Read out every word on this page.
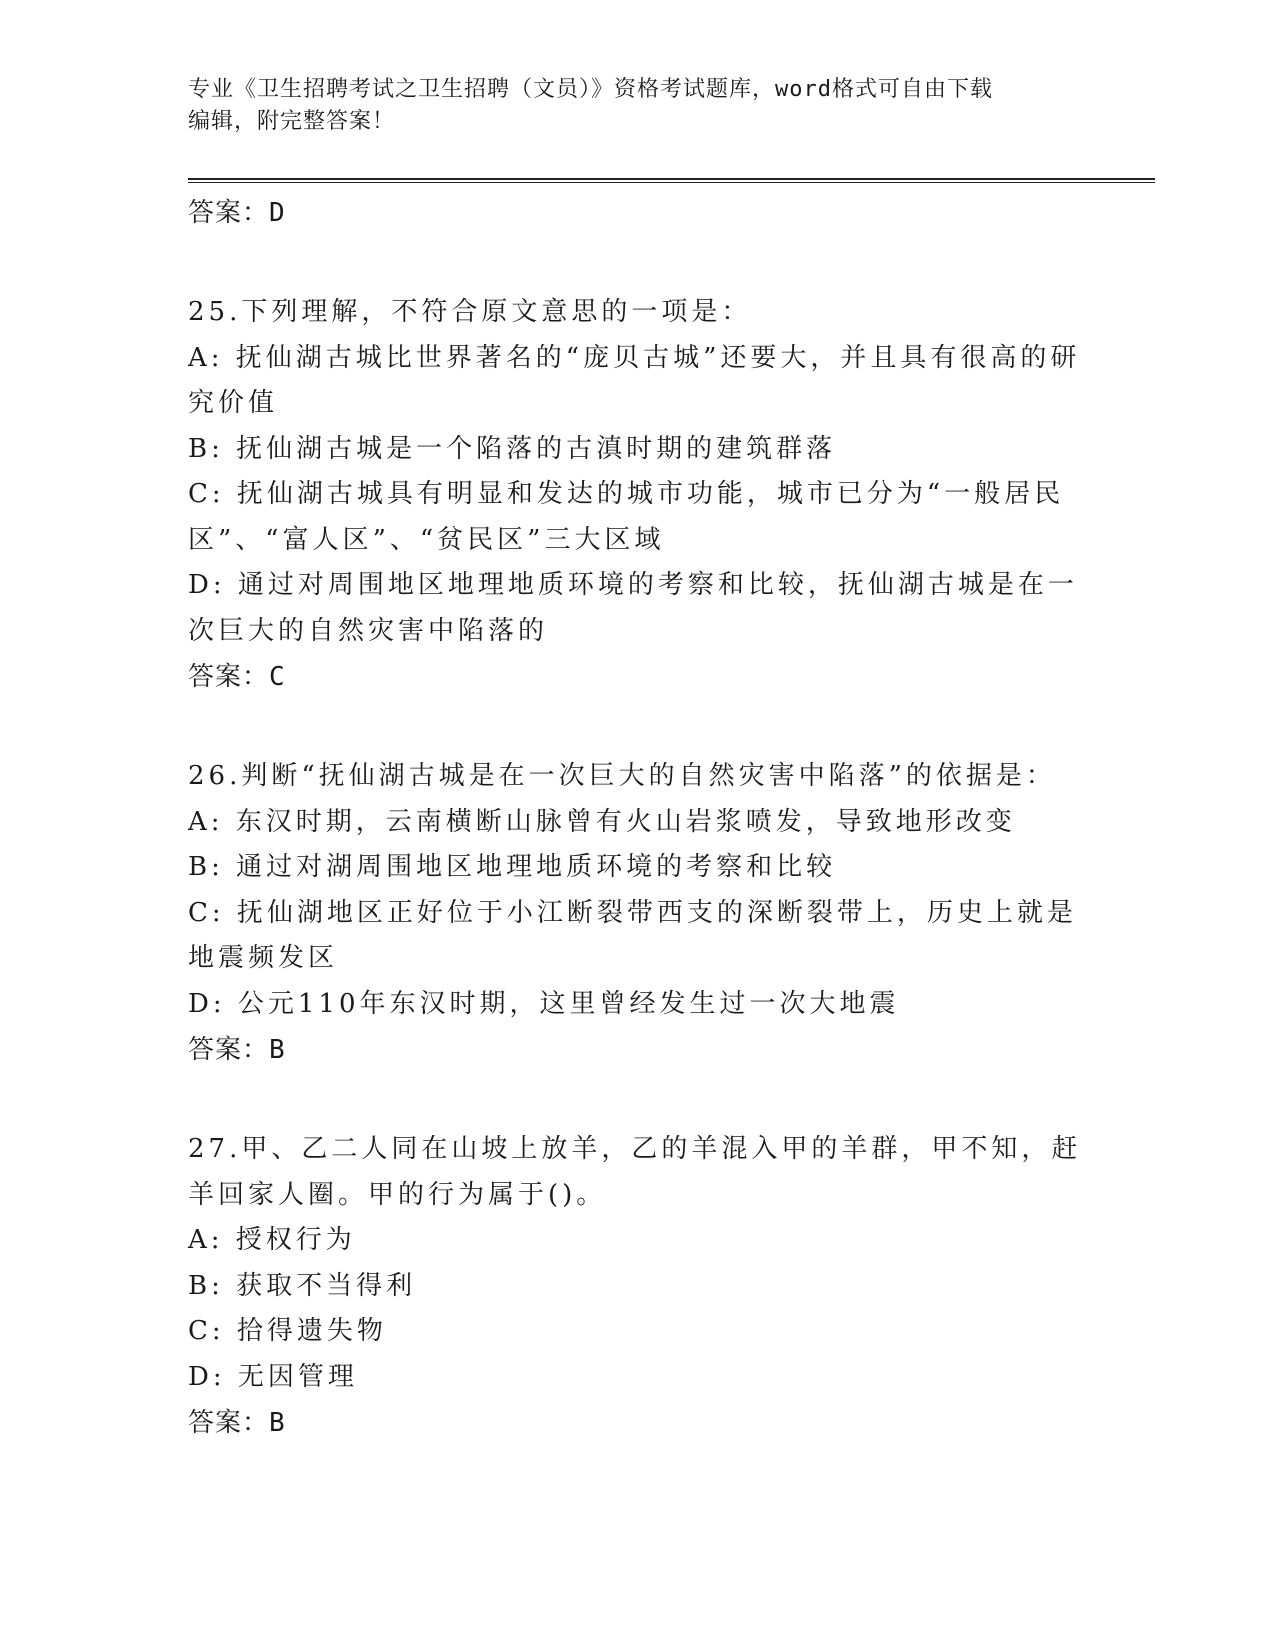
专业《卫生招聘考试之卫生招聘（文员）》资格考试题库，word格式可自由下载
编辑，附完整答案！
答案：D
25.下列理解，不符合原文意思的一项是：
A: 抚仙湖古城比世界著名的“庞贝古城”还要大，并且具有很高的研究价值
B: 抚仙湖古城是一个陷落的古滇时期的建筑群落
C: 抚仙湖古城具有明显和发达的城市功能，城市已分为“一般居民区”、“富人区”、“贫民区”三大区域
D: 通过对周围地区地理地质环境的考察和比较，抚仙湖古城是在一次巨大的自然灾害中陷落的
答案：C
26.判断“抚仙湖古城是在一次巨大的自然灾害中陷落”的依据是：
A: 东汉时期，云南横断山脉曾有火山岩浆喷发，导致地形改变
B: 通过对湖周围地区地理地质环境的考察和比较
C: 抚仙湖地区正好位于小江断裂带西支的深断裂带上，历史上就是地震频发区
D: 公元110年东汉时期，这里曾经发生过一次大地震
答案：B
27.甲、乙二人同在山坡上放羊，乙的羊混入甲的羊群，甲不知，赶羊回家人圈。甲的行为属于()。
A: 授权行为
B: 获取不当得利
C: 拾得遗失物
D: 无因管理
答案：B
